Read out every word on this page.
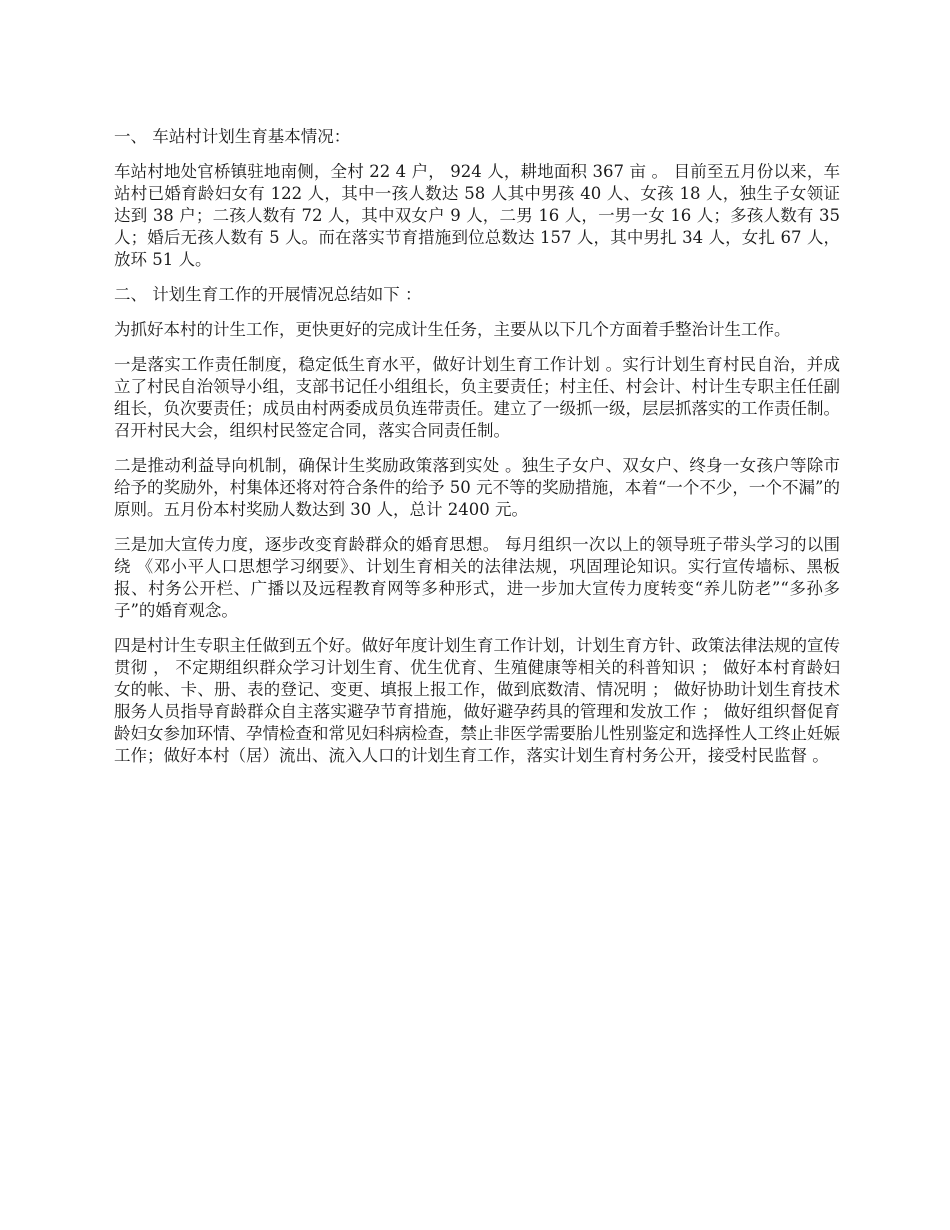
一、 车站村计划生育基本情况：

车站村地处官桥镇驻地南侧，全村 22 4 户， 924 人，耕地面积 367 亩 。 目前至五月份以来，车站村已婚育龄妇女有 122 人，其中一孩人数达 58 人其中男孩 40 人、女孩 18 人，独生子女领证达到 38 户；二孩人数有 72 人，其中双女户 9 人，二男 16 人，一男一女 16 人；多孩人数有 35 人；婚后无孩人数有 5 人。而在落实节育措施到位总数达 157 人，其中男扎 34 人，女扎 67 人，放环 51 人。

二、 计划生育工作的开展情况总结如下 ：

为抓好本村的计生工作，更快更好的完成计生任务，主要从以下几个方面着手整治计生工作。

一是落实工作责任制度，稳定低生育水平，做好计划生育工作计划 。实行计划生育村民自治，并成立了村民自治领导小组，支部书记任小组组长，负主要责任；村主任、村会计、村计生专职主任任副组长，负次要责任；成员由村两委成员负连带责任。建立了一级抓一级，层层抓落实的工作责任制。召开村民大会，组织村民签定合同，落实合同责任制。

二是推动利益导向机制，确保计生奖励政策落到实处 。独生子女户、双女户、终身一女孩户等除市给予的奖励外，村集体还将对符合条件的给予 50 元不等的奖励措施，本着“一个不少，一个不漏”的原则。五月份本村奖励人数达到 30 人，总计 2400 元。

三是加大宣传力度，逐步改变育龄群众的婚育思想。 每月组织一次以上的领导班子带头学习的以围绕 《邓小平人口思想学习纲要》、计划生育相关的法律法规，巩固理论知识。实行宣传墙标、黑板报、村务公开栏、广播以及远程教育网等多种形式，进一步加大宣传力度转变“养儿防老”“多孙多子”的婚育观念。

四是村计生专职主任做到五个好。做好年度计划生育工作计划，计划生育方针、政策法律法规的宣传贯彻 ， 不定期组织群众学习计划生育、优生优育、生殖健康等相关的科普知识 ； 做好本村育龄妇女的帐、卡、册、表的登记、变更、填报上报工作，做到底数清、情况明 ； 做好协助计划生育技术服务人员指导育龄群众自主落实避孕节育措施，做好避孕药具的管理和发放工作 ； 做好组织督促育龄妇女参加环情、孕情检查和常见妇科病检查，禁止非医学需要胎儿性别鉴定和选择性人工终止妊娠工作；做好本村（居）流出、流入人口的计划生育工作，落实计划生育村务公开，接受村民监督 。
